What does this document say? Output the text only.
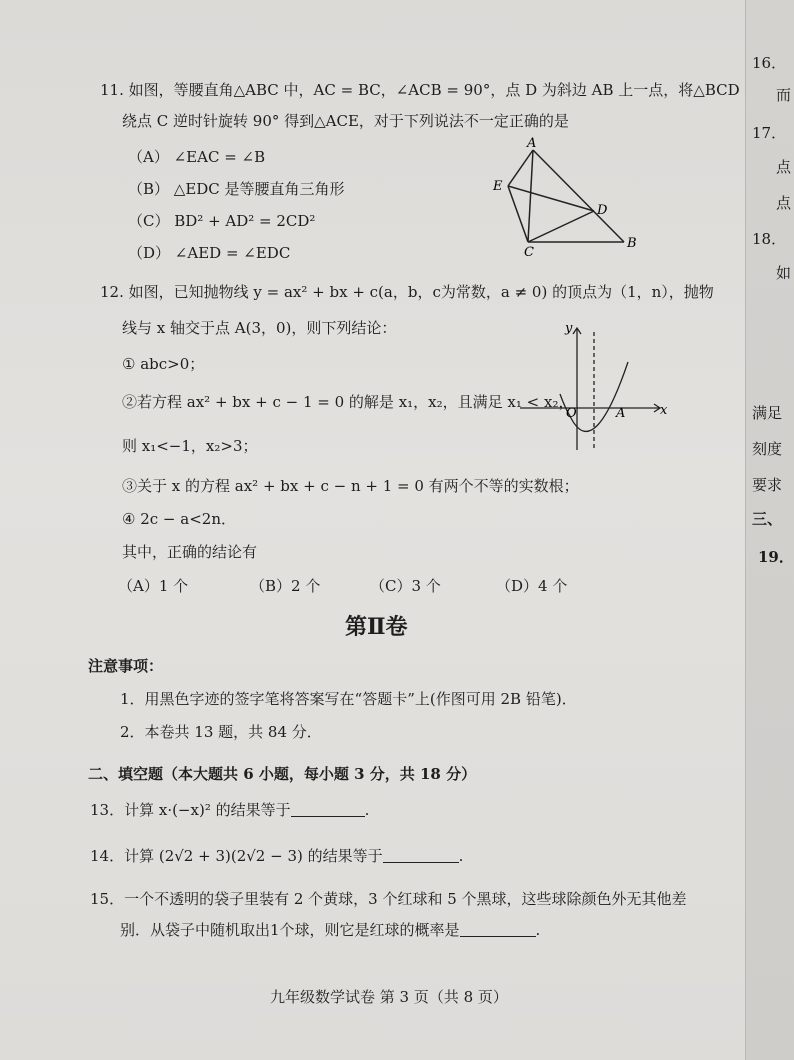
11. 如图，等腰直角△ABC 中，AC = BC，∠ACB = 90°，点 D 为斜边 AB 上一点，将△BCD
绕点 C 逆时针旋转 90° 得到△ACE，对于下列说法不一定正确的是
（A） ∠EAC = ∠B
（B） △EDC 是等腰直角三角形
（C） BD² + AD² = 2CD²
（D） ∠AED = ∠EDC
A
E
D
C
B
12. 如图，已知抛物线 y = ax² + bx + c(a，b，c为常数，a ≠ 0) 的顶点为（1，n），抛物
线与 x 轴交于点 A(3，0)，则下列结论：
① abc>0；
②若方程 ax² + bx + c − 1 = 0 的解是 x₁，x₂，且满足 x₁ < x₂，
则 x₁<−1，x₂>3；
③关于 x 的方程 ax² + bx + c − n + 1 = 0 有两个不等的实数根；
④ 2c − a<2n．
其中，正确的结论有
（A）1 个	（B）2 个	（C）3 个	（D）4 个
y
x
O	A
第Ⅱ卷
注意事项：
1．用黑色字迹的签字笔将答案写在“答题卡”上(作图可用 2B 铅笔)．
2．本卷共 13 题，共 84 分．
二、填空题（本大题共 6 小题，每小题 3 分，共 18 分）
13．计算 x·(−x)² 的结果等于	.
14．计算 (2√2 + 3)(2√2 − 3) 的结果等于	.
15．一个不透明的袋子里装有 2 个黄球，3 个红球和 5 个黑球，这些球除颜色外无其他差
别．从袋子中随机取出1个球，则它是红球的概率是	.
九年级数学试卷 第 3 页（共 8 页）
16．
而
17．
点
点
18．
如
满足
刻度
要求
三、
19．
